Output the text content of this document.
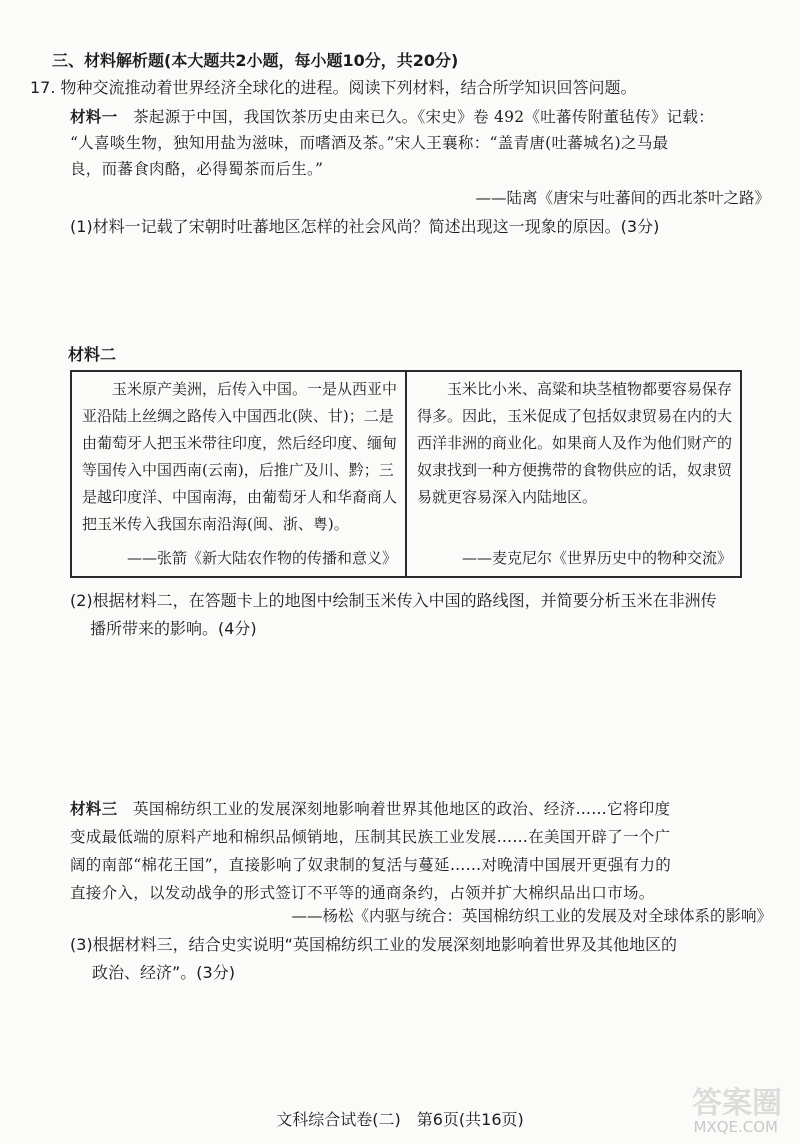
三、材料解析题(本大题共2小题，每小题10分，共20分)
17. 物种交流推动着世界经济全球化的进程。阅读下列材料，结合所学知识回答问题。
材料一 茶起源于中国，我国饮茶历史由来已久。《宋史》卷 492《吐蕃传附董毡传》记载：
“人喜啖生物，独知用盐为滋味，而嗜酒及茶。”宋人王襄称：“盖青唐(吐蕃城名)之马最
良，而蕃食肉酪，必得蜀茶而后生。”
——陆离《唐宋与吐蕃间的西北茶叶之路》
(1)材料一记载了宋朝时吐蕃地区怎样的社会风尚？简述出现这一现象的原因。(3分)
材料二
玉米原产美洲，后传入中国。一是从西亚中亚沿陆上丝绸之路传入中国西北(陕、甘)；二是由葡萄牙人把玉米带往印度，然后经印度、缅甸等国传入中国西南(云南)，后推广及川、黔；三是越印度洋、中国南海，由葡萄牙人和华裔商人把玉米传入我国东南沿海(闽、浙、粤)。
——张箭《新大陆农作物的传播和意义》
玉米比小米、高粱和块茎植物都要容易保存得多。因此，玉米促成了包括奴隶贸易在内的大西洋非洲的商业化。如果商人及作为他们财产的奴隶找到一种方便携带的食物供应的话，奴隶贸易就更容易深入内陆地区。
——麦克尼尔《世界历史中的物种交流》
(2)根据材料二，在答题卡上的地图中绘制玉米传入中国的路线图，并简要分析玉米在非洲传
播所带来的影响。(4分)
材料三 英国棉纺织工业的发展深刻地影响着世界其他地区的政治、经济……它将印度
变成最低端的原料产地和棉织品倾销地，压制其民族工业发展……在美国开辟了一个广
阔的南部“棉花王国”，直接影响了奴隶制的复活与蔓延……对晚清中国展开更强有力的
直接介入，以发动战争的形式签订不平等的通商条约，占领并扩大棉织品出口市场。
——杨松《内驱与统合：英国棉纺织工业的发展及对全球体系的影响》
(3)根据材料三，结合史实说明“英国棉纺织工业的发展深刻地影响着世界及其他地区的
政治、经济”。(3分)
文科综合试卷(二)　第6页(共16页)	答案圈
MXQE.COM
